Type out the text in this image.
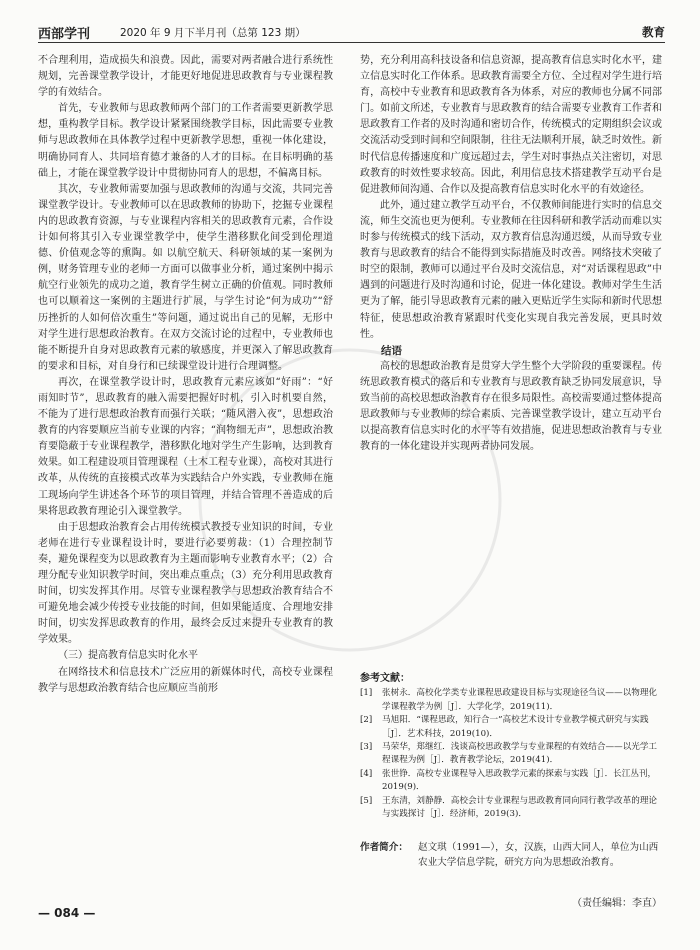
西部学刊	2020 年 9 月下半月刊（总第 123 期）	教育

不合理利用，造成损失和浪费。因此，需要对两者融合进行系统性规划，完善课堂教学设计，才能更好地促进思政教育与专业课程教学的有效结合。

首先，专业教师与思政教师两个部门的工作者需要更新教学思想，重构教学目标。教学设计紧紧围绕教学目标，因此需要专业教师与思政教师在具体教学过程中更新教学思想，重视一体化建设，明确协同育人、共同培育德才兼备的人才的目标。在目标明确的基础上，才能在课堂教学设计中贯彻协同育人的思想，不偏离目标。

其次，专业教师需要加强与思政教师的沟通与交流，共同完善课堂教学设计。专业教师可以在思政教师的协助下，挖掘专业课程内的思政教育资源，与专业课程内容相关的思政教育元素，合作设计如何将其引入专业课堂教学中，使学生潜移默化间受到伦理道德、价值观念等的熏陶。如 以航空航天、科研领域的某一案例为例，财务管理专业的老师一方面可以做事业分析，通过案例中揭示航空行业领先的成功之道，教育学生树立正确的价值观。同时教师也可以顺着这一案例的主题进行扩展，与学生讨论“何为成功”“舒历挫折的人如何倍次重生”等问题，通过说出自己的见解，无形中对学生进行思想政治教育。在双方交流讨论的过程中，专业教师也能不断提升自身对思政教育元素的敏感度，并更深入了解思政教育的要求和目标，对自身行和已续课堂设计进行合理调整。

再次，在课堂教学设计时，思政教育元素应该如“好雨”：“好雨知时节”，思政教育的融入需要把握好时机，引入时机要自然，不能为了进行思想政治教育而强行关联；“随风潜入夜”，思想政治教育的内容要顺应当前专业课的内容；“润物细无声”，思想政治教育要隐蔽于专业课程教学，潜移默化地对学生产生影响，达到教育效果。如工程建设项目管理课程（土木工程专业课），高校对其进行改革，从传统的直接模式改革为实践结合户外实践，专业教师在施工现场向学生讲述各个环节的项目管理，并结合管理不善造成的后果将思政教育理论引入课堂教学。

由于思想政治教育会占用传统模式教授专业知识的时间，专业老师在进行专业课程设计时，要进行必要剪裁：（1）合理控制节奏，避免课程变为以思政教育为主题而影响专业教育水平；（2）合理分配专业知识教学时间，突出难点重点；（3）充分利用思政教育时间，切实发挥其作用。尽管专业课程教学与思想政治教育结合不可避免地会减少传授专业技能的时间，但如果能适度、合理地安排时间，切实发挥思政教育的作用，最终会反过来提升专业教育的教学效果。

（三）提高教育信息实时化水平

在网络技术和信息技术广泛应用的新媒体时代，高校专业课程教学与思想政治教育结合也应顺应当前形

势，充分利用高科技设备和信息资源，提高教育信息实时化水平，建立信息实时化工作体系。思政教育需要全方位、全过程对学生进行培育，高校中专业教育和思政教育各为体系，对应的教师也分属不同部门。如前文所述，专业教育与思政教育的结合需要专业教育工作者和思政教育工作者的及时沟通和密切合作，传统模式的定期组织会议或交流活动受到时间和空间限制，往往无法顺利开展，缺乏时效性。新时代信息传播速度和广度远超过去，学生对时事热点关注密切，对思政教育的时效性要求较高。因此，利用信息技术搭建教学互动平台是促进教师间沟通、合作以及提高教育信息实时化水平的有效途径。

此外，通过建立教学互动平台，不仅教师间能进行实时的信息交流，师生交流也更为便利。专业教师在往因科研和教学活动而难以实时参与传统模式的线下活动，双方教育信息沟通迟缓，从而导致专业教育与思政教育的结合不能得到实际措施及时改善。网络技术突破了时空的限制，教师可以通过平台及时交流信息，对“对话课程思政”中遇到的问题进行及时沟通和讨论，促进一体化建设。教师对学生生活更为了解，能引导思政教育元素的融入更贴近学生实际和新时代思想特征，使思想政治教育紧跟时代变化实现自我完善发展，更具时效性。

结语

高校的思想政治教育是贯穿大学生整个大学阶段的重要课程。传统思政教育模式的落后和专业教育与思政教育缺乏协同发展意识，导致当前的高校思想政治教育存在很多局限性。高校需要通过整体提高思政教师与专业教师的综合素质、完善课堂教学设计，建立互动平台以提高教育信息实时化的水平等有效措施，促进思想政治教育与专业教育的一体化建设并实现两者协同发展。

参考文献：
[1]	张树永．高校化学类专业课程思政建设目标与实现途径刍议——以物理化学课程教学为例［J］．大学化学，2019(11)．
[2]	马旭阳．“课程思政，知行合一”高校艺术设计专业教学模式研究与实践［J］．艺术科技，2019(10)．
[3]	马荣华，郑继红．浅谈高校思政教学与专业课程的有效结合——以光学工程课程为例［J］．教育教学论坛，2019(41)．
[4]	张世铮．高校专业课程导入思政教学元素的探索与实践［J］．长江丛刊，2019(9)．
[5]	王东清，刘静静．高校会计专业课程与思政教育同向同行教学改革的理论与实践探讨［J］．经济师，2019(3)．
作者简介：	赵文琪（1991—），女，汉族，山西大同人，单位为山西农业大学信息学院，研究方向为思想政治教育。
（责任编辑：李直）
— 084 —
